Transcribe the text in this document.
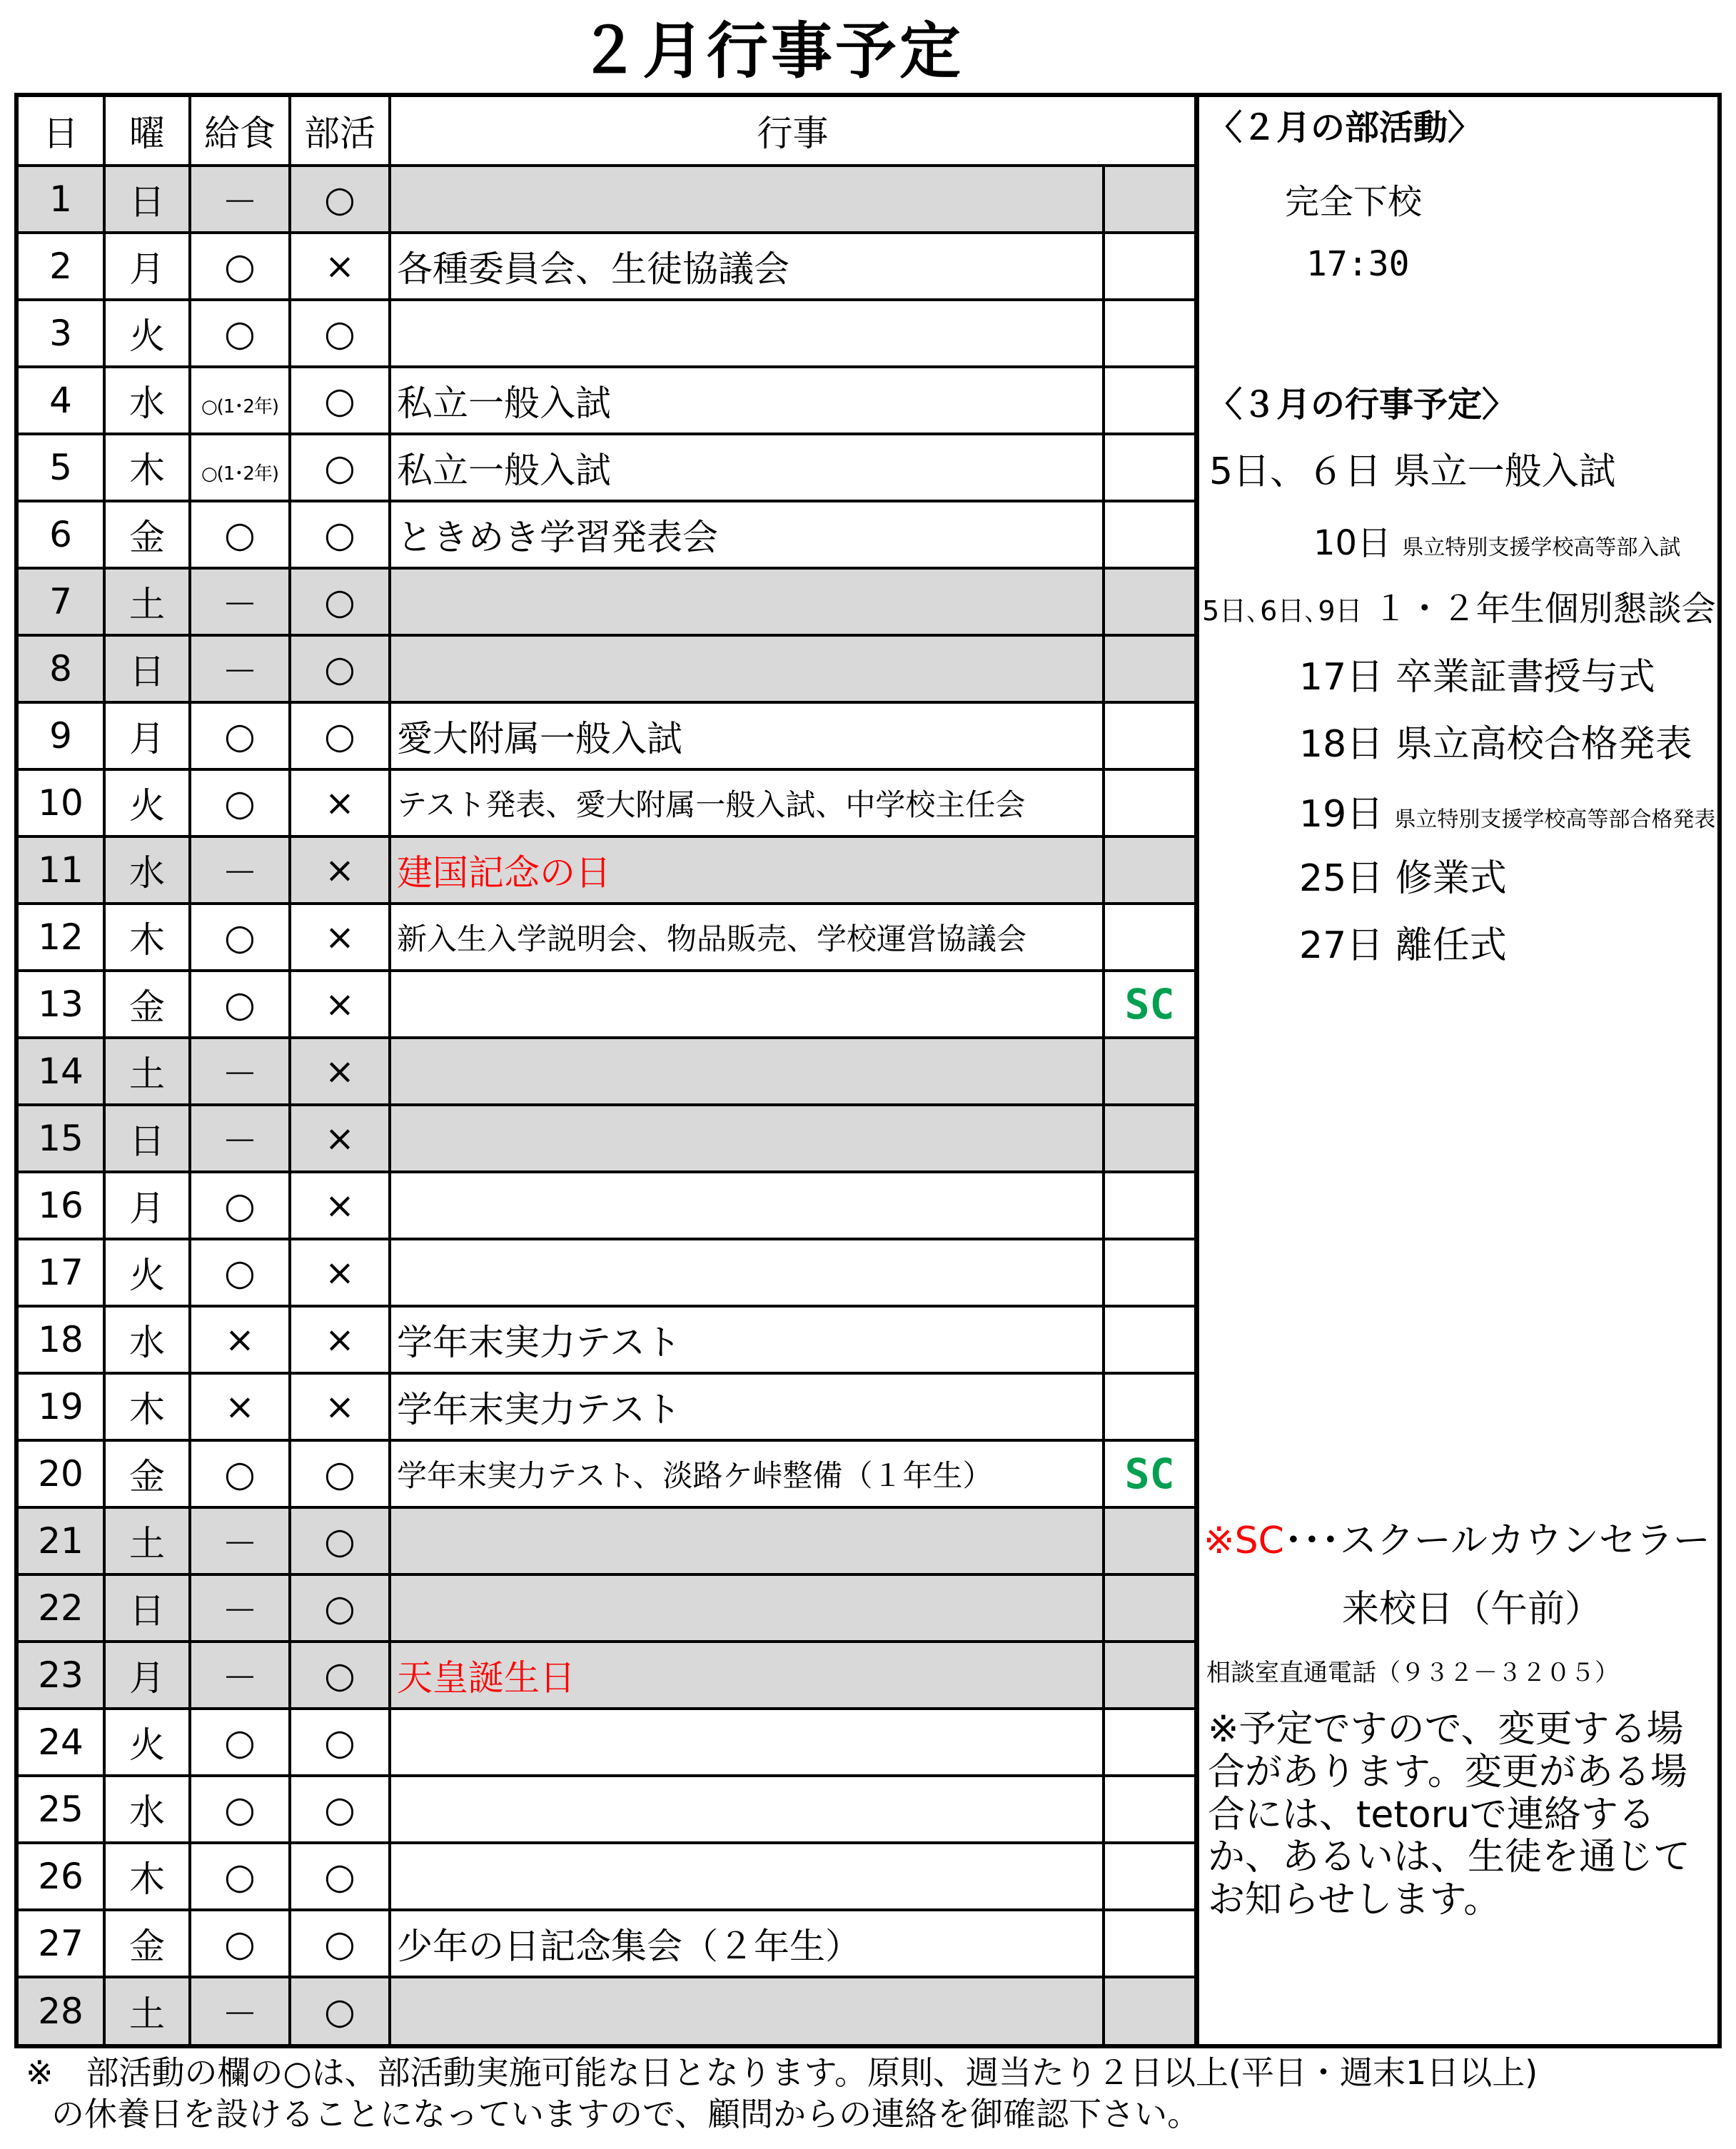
２月行事予定
日	曜	給食	部活	行事	
1	日	－	○		
2	月	○	×	各種委員会、生徒協議会	
3	火	○	○		
4	水	○(1･2年)	○	私立一般入試	
5	木	○(1･2年)	○	私立一般入試	
6	金	○	○	ときめき学習発表会	
7	土	－	○		
8	日	－	○		
9	月	○	○	愛大附属一般入試	
10	火	○	×	テスト発表、愛大附属一般入試、中学校主任会	
11	水	－	×	建国記念の日	
12	木	○	×	新入生入学説明会、物品販売、学校運営協議会	
13	金	○	×		SC
14	土	－	×		
15	日	－	×		
16	月	○	×		
17	火	○	×		
18	水	×	×	学年末実力テスト	
19	木	×	×	学年末実力テスト	
20	金	○	○	学年末実力テスト、淡路ケ峠整備（１年生）	SC
21	土	－	○		
22	日	－	○		
23	月	－	○	天皇誕生日	
24	火	○	○		
25	水	○	○		
26	木	○	○		
27	金	○	○	少年の日記念集会（２年生）	
28	土	－	○		
〈２月の部活動〉
完全下校
17:30
〈３月の行事予定〉
5日、６日 県立一般入試
10日 県立特別支援学校高等部入試
5日､6日､9日 １・２年生個別懇談会
17日 卒業証書授与式
18日 県立高校合格発表
19日 県立特別支援学校高等部合格発表
25日 修業式
27日 離任式
※SC･･･スクールカウンセラー
来校日（午前）
相談室直通電話（９３２－３２０５）
※予定ですので、変更する場合があります。変更がある場合には、tetoruで連絡するか、あるいは、生徒を通じてお知らせします。
※　部活動の欄の○は、部活動実施可能な日となります。原則、週当たり２日以上(平日・週末1日以上)
の休養日を設けることになっていますので、顧問からの連絡を御確認下さい。
